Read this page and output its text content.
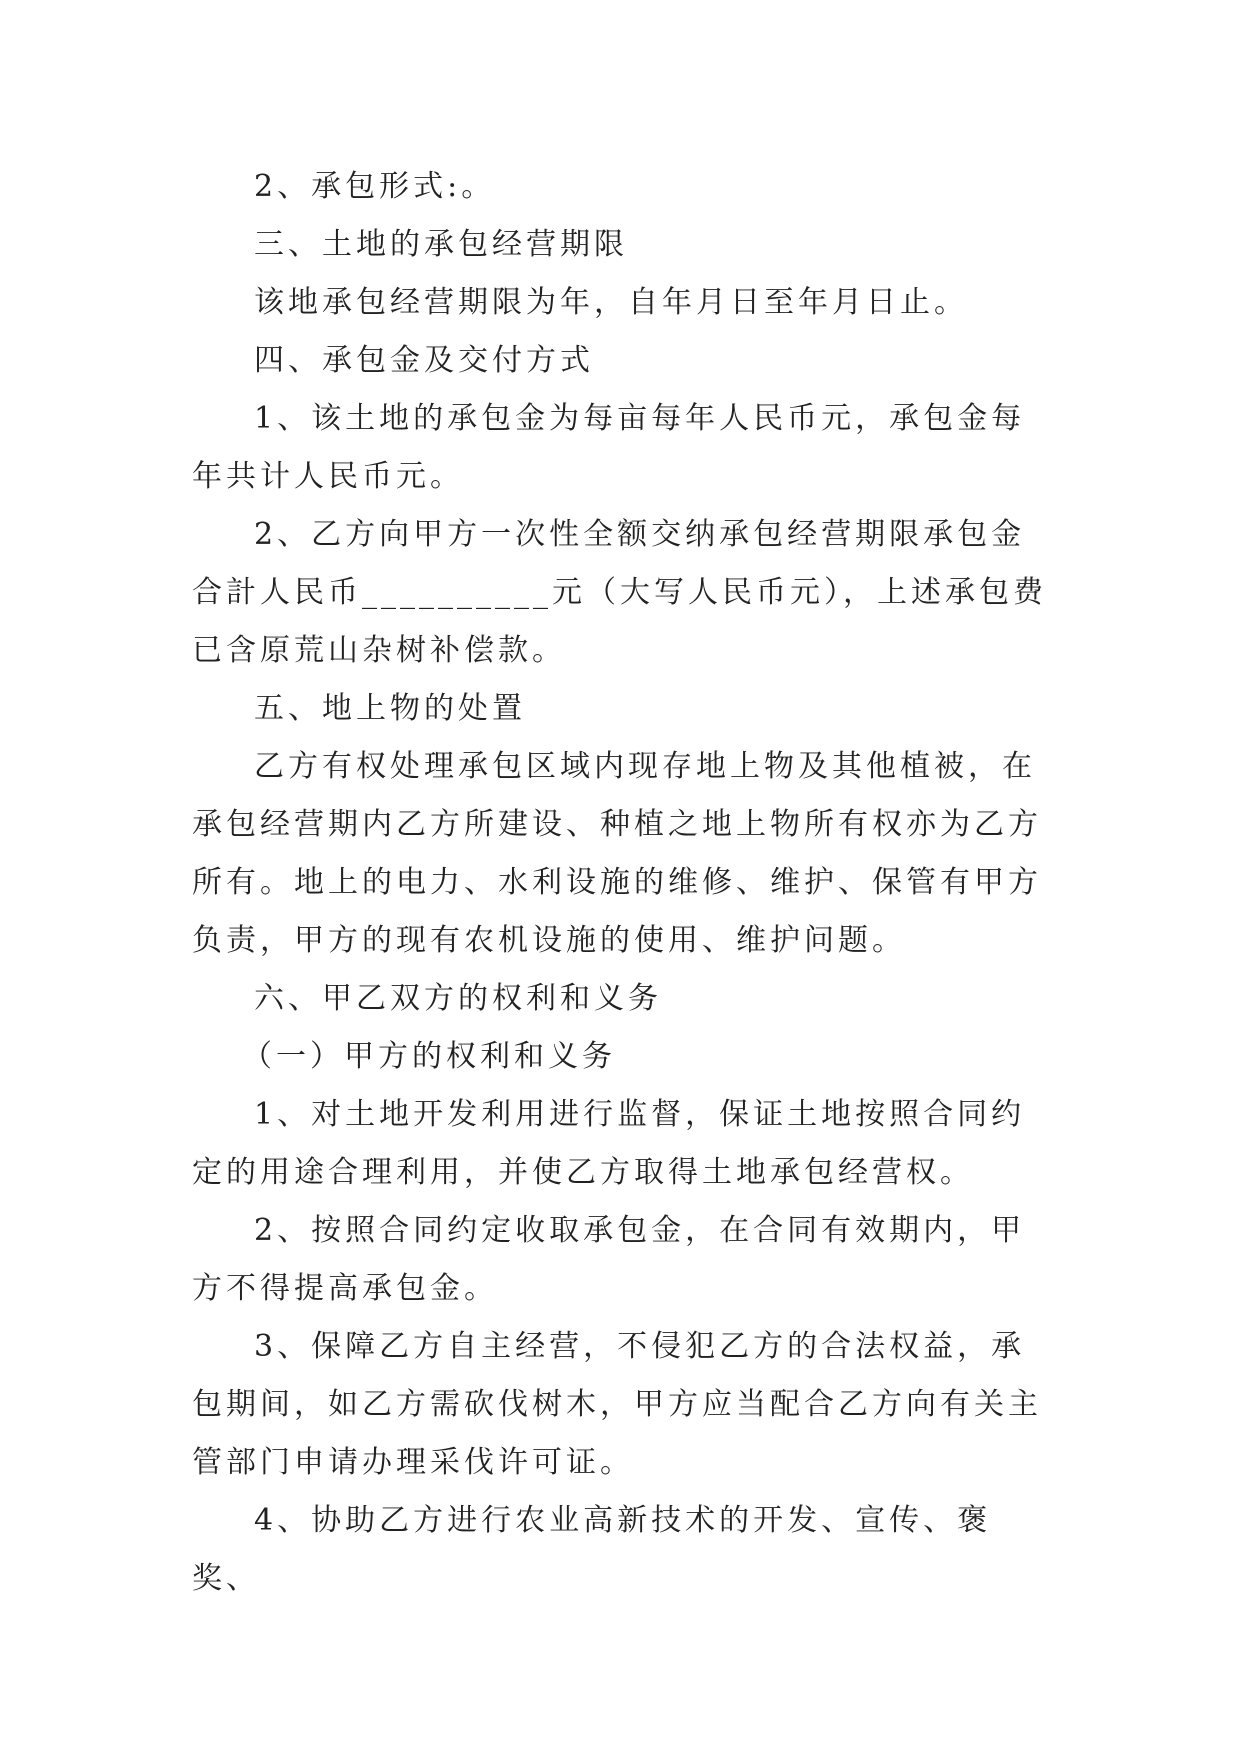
2、承包形式:。

三、土地的承包经营期限

该地承包经营期限为年，自年月日至年月日止。

四、承包金及交付方式

1、该土地的承包金为每亩每年人民币元，承包金每年共计人民币元。

2、乙方向甲方一次性全额交纳承包经营期限承包金合計人民币__________元（大写人民币元），上述承包费已含原荒山杂树补偿款。

五、地上物的处置

乙方有权处理承包区域内现存地上物及其他植被，在承包经营期内乙方所建设、种植之地上物所有权亦为乙方所有。地上的电力、水利设施的维修、维护、保管有甲方负责，甲方的现有农机设施的使用、维护问题。

六、甲乙双方的权利和义务

（一）甲方的权利和义务

1、对土地开发利用进行监督，保证土地按照合同约定的用途合理利用，并使乙方取得土地承包经营权。

2、按照合同约定收取承包金，在合同有效期内，甲方不得提高承包金。

3、保障乙方自主经营，不侵犯乙方的合法权益，承包期间，如乙方需砍伐树木，甲方应当配合乙方向有关主管部门申请办理采伐许可证。

4、协助乙方进行农业高新技术的开发、宣传、褒奖、
